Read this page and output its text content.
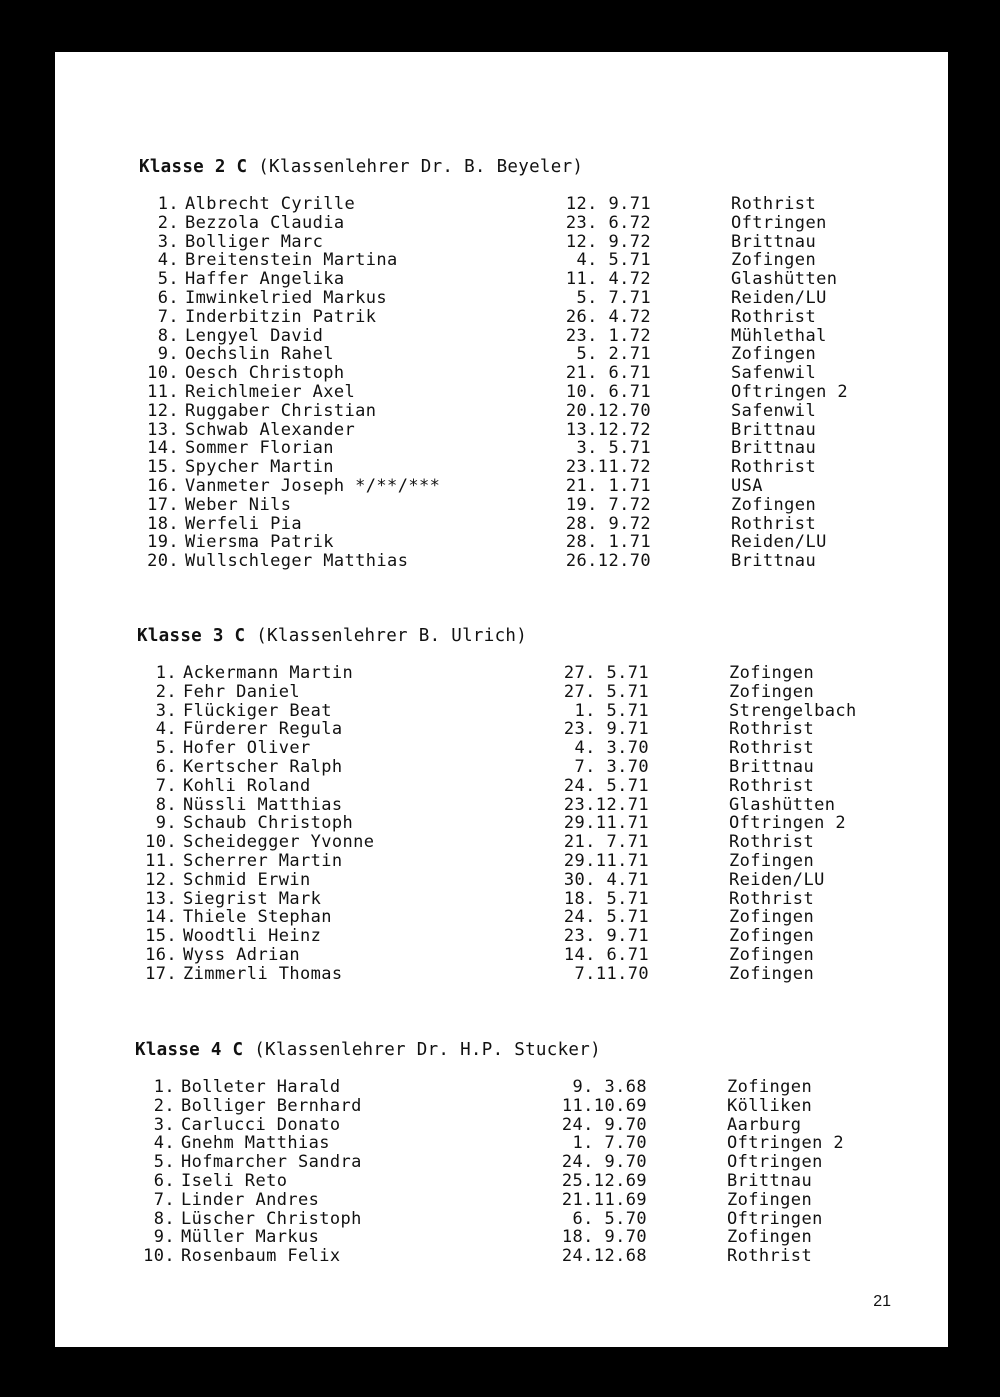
Klasse 2 C (Klassenlehrer Dr. B. Beyeler)
1. Albrecht Cyrille	12. 9.71	Rothrist
2. Bezzola Claudia	23. 6.72	Oftringen
3. Bolliger Marc	12. 9.72	Brittnau
4. Breitenstein Martina	4. 5.71	Zofingen
5. Haffer Angelika	11. 4.72	Glashütten
6. Imwinkelried Markus	5. 7.71	Reiden/LU
7. Inderbitzin Patrik	26. 4.72	Rothrist
8. Lengyel David	23. 1.72	Mühlethal
9. Oechslin Rahel	5. 2.71	Zofingen
10. Oesch Christoph	21. 6.71	Safenwil
11. Reichlmeier Axel	10. 6.71	Oftringen 2
12. Ruggaber Christian	20.12.70	Safenwil
13. Schwab Alexander	13.12.72	Brittnau
14. Sommer Florian	3. 5.71	Brittnau
15. Spycher Martin	23.11.72	Rothrist
16. Vanmeter Joseph */**/***	21. 1.71	USA
17. Weber Nils	19. 7.72	Zofingen
18. Werfeli Pia	28. 9.72	Rothrist
19. Wiersma Patrik	28. 1.71	Reiden/LU
20. Wullschleger Matthias	26.12.70	Brittnau
Klasse 3 C (Klassenlehrer B. Ulrich)
1. Ackermann Martin	27. 5.71	Zofingen
2. Fehr Daniel	27. 5.71	Zofingen
3. Flückiger Beat	1. 5.71	Strengelbach
4. Fürderer Regula	23. 9.71	Rothrist
5. Hofer Oliver	4. 3.70	Rothrist
6. Kertscher Ralph	7. 3.70	Brittnau
7. Kohli Roland	24. 5.71	Rothrist
8. Nüssli Matthias	23.12.71	Glashütten
9. Schaub Christoph	29.11.71	Oftringen 2
10. Scheidegger Yvonne	21. 7.71	Rothrist
11. Scherrer Martin	29.11.71	Zofingen
12. Schmid Erwin	30. 4.71	Reiden/LU
13. Siegrist Mark	18. 5.71	Rothrist
14. Thiele Stephan	24. 5.71	Zofingen
15. Woodtli Heinz	23. 9.71	Zofingen
16. Wyss Adrian	14. 6.71	Zofingen
17. Zimmerli Thomas	7.11.70	Zofingen
Klasse 4 C (Klassenlehrer Dr. H.P. Stucker)
1. Bolleter Harald	9. 3.68	Zofingen
2. Bolliger Bernhard	11.10.69	Kölliken
3. Carlucci Donato	24. 9.70	Aarburg
4. Gnehm Matthias	1. 7.70	Oftringen 2
5. Hofmarcher Sandra	24. 9.70	Oftringen
6. Iseli Reto	25.12.69	Brittnau
7. Linder Andres	21.11.69	Zofingen
8. Lüscher Christoph	6. 5.70	Oftringen
9. Müller Markus	18. 9.70	Zofingen
10. Rosenbaum Felix	24.12.68	Rothrist
21
